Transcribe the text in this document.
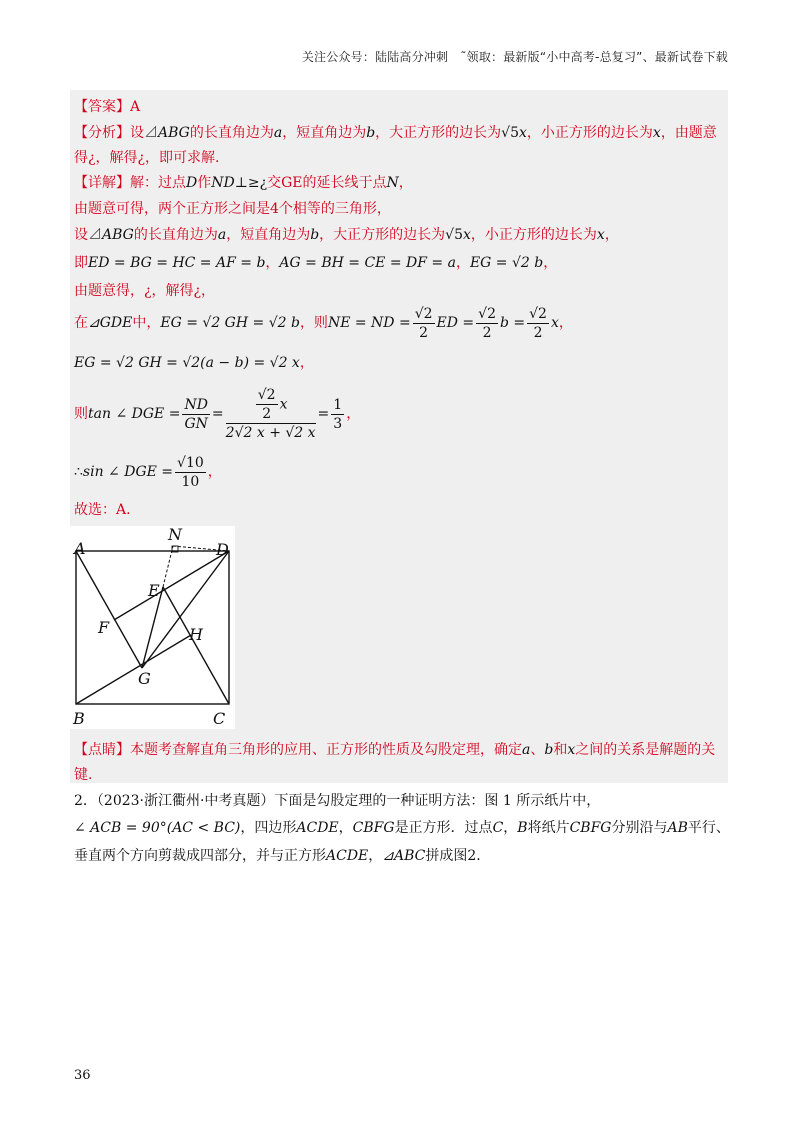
关注公众号：陆陆高分冲刺　˜领取：最新版“小中高考-总复习”、最新试卷下载
【答案】A
【分析】设⊿ABG的长直角边为a，短直角边为b，大正方形的边长为√5x，小正方形的边长为x，由题意
得¿，解得¿，即可求解.
【详解】解：过点D作ND⊥≥¿交GE的延长线于点N，
由题意可得，两个正方形之间是4个相等的三角形，
设⊿ABG的长直角边为a，短直角边为b，大正方形的边长为√5x，小正方形的边长为x，
即ED = BG = HC = AF = b，AG = BH = CE = DF = a，EG = √2 b，
由题意得，¿，解得¿，
在⊿GDE中，EG = √2 GH = √2 b，则NE = ND = $\frac{√2}{2}$ ED = $\frac{√2}{2}$ $b = \frac{√2}{2}$ x，
EG = √2 GH = √2(a − b) = √2 x，
则tan ∠ DGE = $\frac{ND}{GN} = \frac{\frac{√2}{2} x}{2√2 x + √2 x} = \frac{1}{3}$ ，
∴sin ∠ DGE = $\frac{√10}{10}$ ，
故选：A.
A
N
D
E
F	H
G
B	C
【点睛】本题考查解直角三角形的应用、正方形的性质及勾股定理，确定a、b和x之间的关系是解题的关
键.
2．（2023·浙江衢州·中考真题）下面是勾股定理的一种证明方法：图 1 所示纸片中，
∠ ACB = 90°(AC < BC)，四边形ACDE，CBFG是正方形．过点C，B将纸片CBFG分别沿与AB平行、
垂直两个方向剪裁成四部分，并与正方形ACDE，⊿ABC拼成图2.
36
